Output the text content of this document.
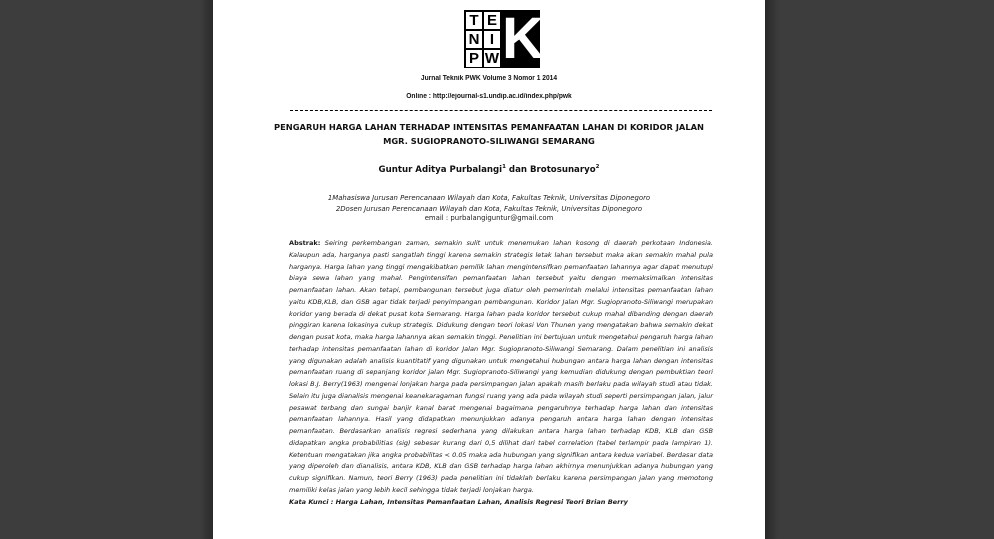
T E
N I
P W K
Jurnal Teknik PWK Volume 3 Nomor 1 2014
Online : http://ejournal-s1.undip.ac.id/index.php/pwk
PENGARUH HARGA LAHAN TERHADAP INTENSITAS PEMANFAATAN LAHAN DI KORIDOR JALAN
MGR. SUGIOPRANOTO-SILIWANGI SEMARANG
Guntur Aditya Purbalangi$^1$ dan Brotosunaryo$^2$
1Mahasiswa Jurusan Perencanaan Wilayah dan Kota, Fakultas Teknik, Universitas Diponegoro
2Dosen Jurusan Perencanaan Wilayah dan Kota, Fakultas Teknik, Universitas Diponegoro
email : purbalangiguntur@gmail.com
Abstrak: Seiring perkembangan zaman, semakin sulit untuk menemukan lahan kosong di daerah perkotaan Indonesia. Kalaupun ada, harganya pasti sangatlah tinggi karena semakin strategis letak lahan tersebut maka akan semakin mahal pula harganya. Harga lahan yang tinggi mengakibatkan pemilik lahan mengintensifkan pemanfaatan lahannya agar dapat menutupi biaya sewa lahan yang mahal. Pengintensifan pemanfaatan lahan tersebut yaitu dengan memaksimalkan intensitas pemanfaatan lahan. Akan tetapi, pembangunan tersebut juga diatur oleh pemerintah melalui intensitas pemanfaatan lahan yaitu KDB,KLB, dan GSB agar tidak terjadi penyimpangan pembangunan. Koridor Jalan Mgr. Sugiopranoto-Siliwangi merupakan koridor yang berada di dekat pusat kota Semarang. Harga lahan pada koridor tersebut cukup mahal dibanding dengan daerah pinggiran karena lokasinya cukup strategis. Didukung dengan teori lokasi Von Thunen yang mengatakan bahwa semakin dekat dengan pusat kota, maka harga lahannya akan semakin tinggi. Penelitian ini bertujuan untuk mengetahui pengaruh harga lahan terhadap intensitas pemanfaatan lahan di koridor Jalan Mgr. Sugiopranoto-Siliwangi Semarang. Dalam penelitian ini analisis yang digunakan adalah analisis kuantitatif yang digunakan untuk mengetahui hubungan antara harga lahan dengan intensitas pemanfaatan ruang di sepanjang koridor jalan Mgr. Sugiopranoto-Siliwangi yang kemudian didukung dengan pembuktian teori lokasi B.J. Berry(1963) mengenai lonjakan harga pada persimpangan jalan apakah masih berlaku pada wilayah studi atau tidak. Selain itu juga dianalisis mengenai keanekaragaman fungsi ruang yang ada pada wilayah studi seperti persimpangan jalan, jalur pesawat terbang dan sungai banjir kanal barat mengenai bagaimana pengaruhnya terhadap harga lahan dan intensitas pemanfaatan lahannya. Hasil yang didapatkan menunjukkan adanya pengaruh antara harga lahan dengan intensitas pemanfaatan. Berdasarkan analisis regresi sederhana yang dilakukan antara harga lahan terhadap KDB, KLB dan GSB didapatkan angka probabilitias (sig) sebesar kurang dari 0,5 dilihat dari tabel correlation (tabel terlampir pada lampiran 1). Ketentuan mengatakan jika angka probabilitas < 0.05 maka ada hubungan yang signifikan antara kedua variabel. Berdasar data yang diperoleh dan dianalisis, antara KDB, KLB dan GSB terhadap harga lahan akhirnya menunjukkan adanya hubungan yang cukup signifikan. Namun, teori Berry (1963) pada penelitian ini tidaklah berlaku karena persimpangan jalan yang memotong memiliki kelas jalan yang lebih kecil sehingga tidak terjadi lonjakan harga.
Kata Kunci : Harga Lahan, Intensitas Pemanfaatan Lahan, Analisis Regresi Teori Brian Berry
